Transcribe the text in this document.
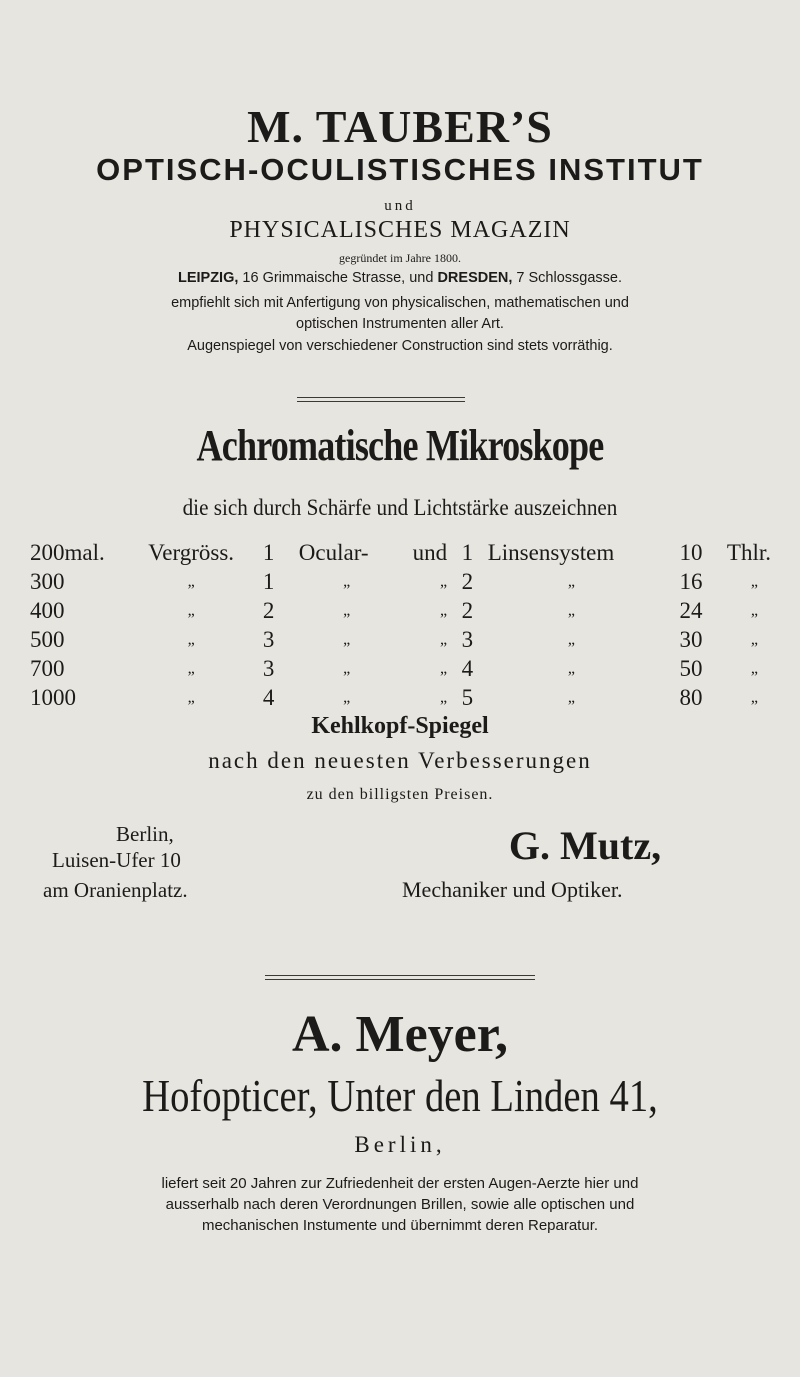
M. TAUBER’S
OPTISCH-OCULISTISCHES INSTITUT
und
PHYSICALISCHES MAGAZIN
gegründet im Jahre 1800.
LEIPZIG, 16 Grimmaische Strasse, und DRESDEN, 7 Schlossgasse.
empfiehlt sich mit Anfertigung von physicalischen, mathematischen und
optischen Instrumenten aller Art.
Augenspiegel von verschiedener Construction sind stets vorräthig.
Achromatische Mikroskope
die sich durch Schärfe und Lichtstärke auszeichnen
200mal.	Vergröss.	1	Ocular-	und	1	Linsensystem	10	Thlr.
300	„	1	„	„	2	„	16	„
400	„	2	„	„	2	„	24	„
500	„	3	„	„	3	„	30	„
700	„	3	„	„	4	„	50	„
1000	„	4	„	„	5	„	80	„
Kehlkopf-Spiegel
nach den neuesten Verbesserungen
zu den billigsten Preisen.
Berlin,
Luisen-Ufer 10
am Oranienplatz.
G. Mutz,
Mechaniker und Optiker.
A. Meyer,
Hofopticer, Unter den Linden 41,
Berlin,
liefert seit 20 Jahren zur Zufriedenheit der ersten Augen-Aerzte hier und
ausserhalb nach deren Verordnungen Brillen, sowie alle optischen und
mechanischen Instumente und übernimmt deren Reparatur.
